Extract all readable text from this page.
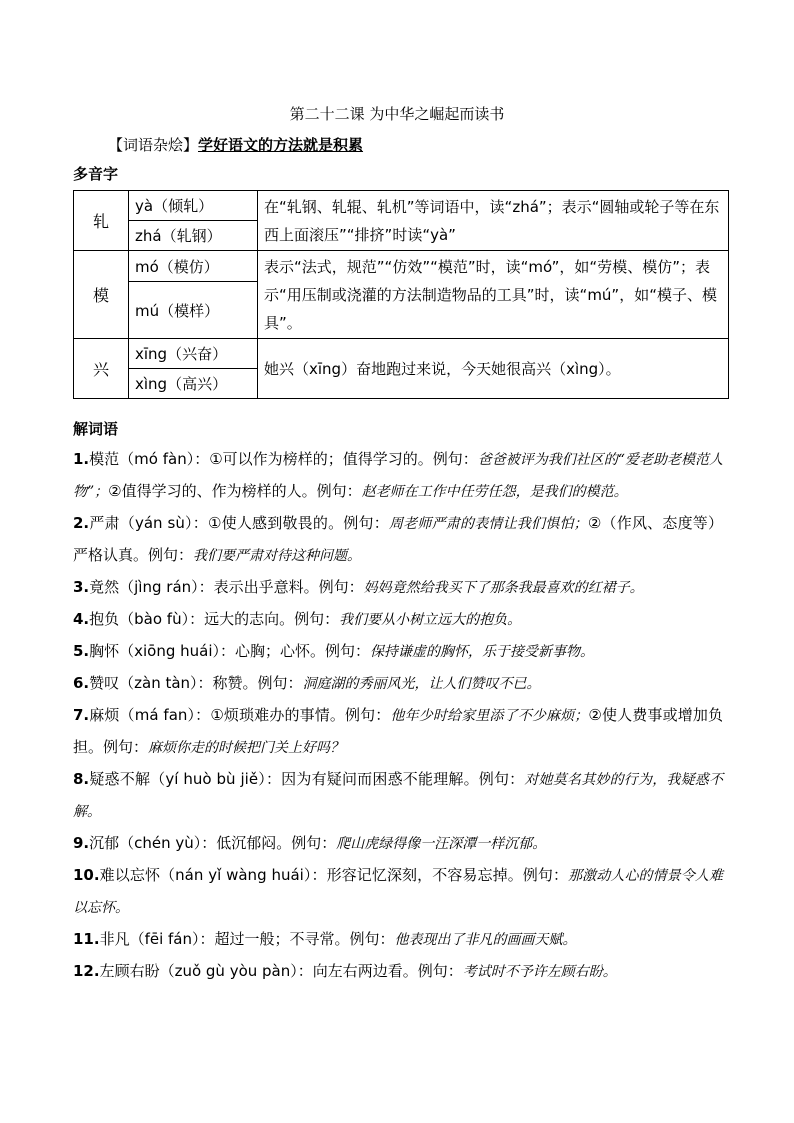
第二十二课 为中华之崛起而读书
【词语杂烩】学好语文的方法就是积累
多音字
轧	yà（倾轧）	在“轧钢、轧辊、轧机”等词语中，读“zhá”；表示“圆轴或轮子等在东西上面滚压”“排挤”时读“yà”
	zhá（轧钢）	
模	mó（模仿）	表示“法式，规范”“仿效”“模范”时，读“mó”，如“劳模、模仿”；表示“用压制或浇灌的方法制造物品的工具”时，读“mú”，如“模子、模具”。
	mú（模样）	
兴	xīng（兴奋）	她兴（xīng）奋地跑过来说，今天她很高兴（xìng）。
	xìng（高兴）	
解词语

1.模范（mó fàn）：①可以作为榜样的；值得学习的。例句：爸爸被评为我们社区的“爱老助老模范人物”；②值得学习的、作为榜样的人。例句：赵老师在工作中任劳任怨，是我们的模范。

2.严肃（yán sù）：①使人感到敬畏的。例句：周老师严肃的表情让我们惧怕；②（作风、态度等）严格认真。例句：我们要严肃对待这种问题。

3.竟然（jìng rán）：表示出乎意料。例句：妈妈竟然给我买下了那条我最喜欢的红裙子。

4.抱负（bào fù）：远大的志向。例句：我们要从小树立远大的抱负。

5.胸怀（xiōng huái）：心胸；心怀。例句：保持谦虚的胸怀，乐于接受新事物。

6.赞叹（zàn tàn）：称赞。例句：洞庭湖的秀丽风光，让人们赞叹不已。

7.麻烦（má fan）：①烦琐难办的事情。例句：他年少时给家里添了不少麻烦；②使人费事或增加负担。例句：麻烦你走的时候把门关上好吗？

8.疑惑不解（yí huò bù jiě）：因为有疑问而困惑不能理解。例句：对她莫名其妙的行为，我疑惑不解。

9.沉郁（chén yù）：低沉郁闷。例句：爬山虎绿得像一汪深潭一样沉郁。

10.难以忘怀（nán yǐ wàng huái）：形容记忆深刻，不容易忘掉。例句：那激动人心的情景令人难以忘怀。

11.非凡（fēi fán）：超过一般；不寻常。例句：他表现出了非凡的画画天赋。

12.左顾右盼（zuǒ gù yòu pàn）：向左右两边看。例句：考试时不予许左顾右盼。
